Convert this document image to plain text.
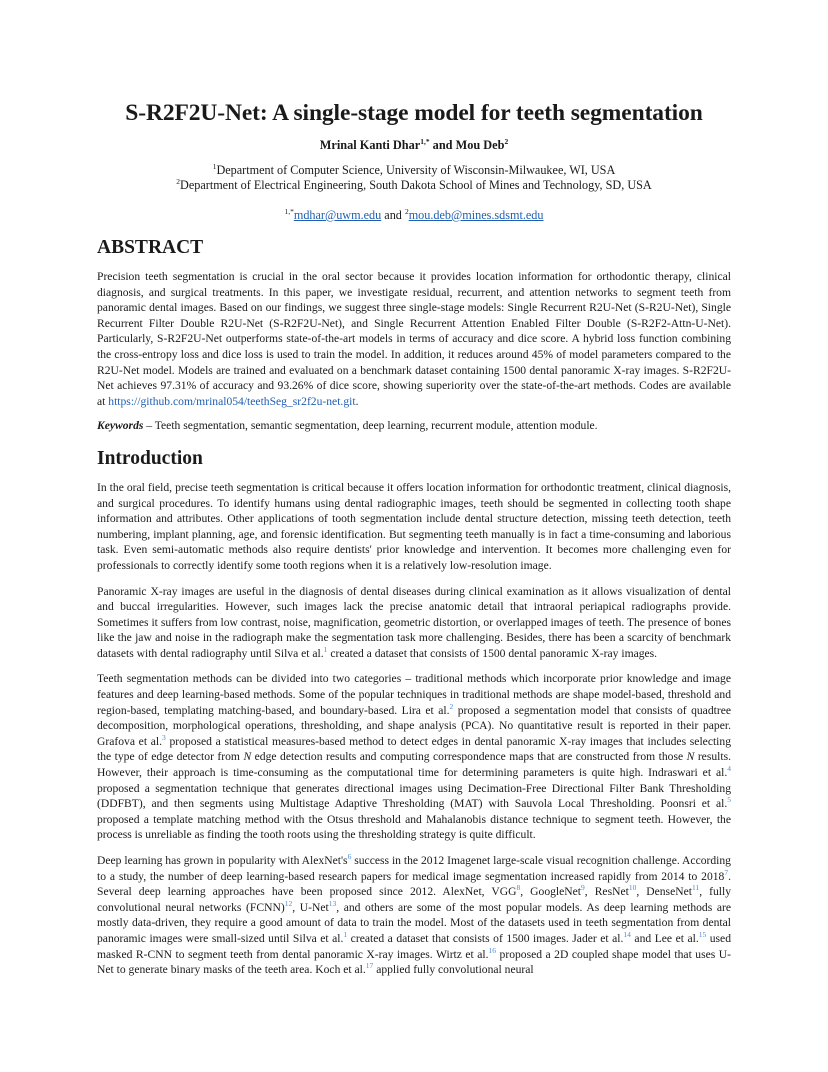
S-R2F2U-Net: A single-stage model for teeth segmentation
Mrinal Kanti Dhar$^{1,*}$ and Mou Deb$^2$
$^1$Department of Computer Science, University of Wisconsin-Milwaukee, WI, USA
$^2$Department of Electrical Engineering, South Dakota School of Mines and Technology, SD, USA
$^{1,*}$mdhar@uwm.edu and $^2$mou.deb@mines.sdsmt.edu
ABSTRACT

Precision teeth segmentation is crucial in the oral sector because it provides location information for orthodontic therapy, clinical diagnosis, and surgical treatments. In this paper, we investigate residual, recurrent, and attention networks to segment teeth from panoramic dental images. Based on our findings, we suggest three single-stage models: Single Recurrent R2U-Net (S-R2U-Net), Single Recurrent Filter Double R2U-Net (S-R2F2U-Net), and Single Recurrent Attention Enabled Filter Double (S-R2F2-Attn-U-Net). Particularly, S-R2F2U-Net outperforms state-of-the-art models in terms of accuracy and dice score. A hybrid loss function combining the cross-entropy loss and dice loss is used to train the model. In addition, it reduces around 45% of model parameters compared to the R2U-Net model. Models are trained and evaluated on a benchmark dataset containing 1500 dental panoramic X-ray images. S-R2F2U-Net achieves 97.31% of accuracy and 93.26% of dice score, showing superiority over the state-of-the-art methods. Codes are available at https://github.com/mrinal054/teethSeg_sr2f2u-net.git.

Keywords – Teeth segmentation, semantic segmentation, deep learning, recurrent module, attention module.

Introduction

In the oral field, precise teeth segmentation is critical because it offers location information for orthodontic treatment, clinical diagnosis, and surgical procedures. To identify humans using dental radiographic images, teeth should be segmented in collecting tooth shape information and attributes. Other applications of tooth segmentation include dental structure detection, missing teeth detection, teeth numbering, implant planning, age, and forensic identification. But segmenting teeth manually is in fact a time-consuming and laborious task. Even semi-automatic methods also require dentists' prior knowledge and intervention. It becomes more challenging even for professionals to correctly identify some tooth regions when it is a relatively low-resolution image.

Panoramic X-ray images are useful in the diagnosis of dental diseases during clinical examination as it allows visualization of dental and buccal irregularities. However, such images lack the precise anatomic detail that intraoral periapical radiographs provide. Sometimes it suffers from low contrast, noise, magnification, geometric distortion, or overlapped images of teeth. The presence of bones like the jaw and noise in the radiograph make the segmentation task more challenging. Besides, there has been a scarcity of benchmark datasets with dental radiography until Silva et al.$^1$ created a dataset that consists of 1500 dental panoramic X-ray images.

Teeth segmentation methods can be divided into two categories – traditional methods which incorporate prior knowledge and image features and deep learning-based methods. Some of the popular techniques in traditional methods are shape model-based, threshold and region-based, templating matching-based, and boundary-based. Lira et al.$^2$ proposed a segmentation model that consists of quadtree decomposition, morphological operations, thresholding, and shape analysis (PCA). No quantitative result is reported in their paper. Grafova et al.$^3$ proposed a statistical measures-based method to detect edges in dental panoramic X-ray images that includes selecting the type of edge detector from N edge detection results and computing correspondence maps that are constructed from those N results. However, their approach is time-consuming as the computational time for determining parameters is quite high. Indraswari et al.$^4$ proposed a segmentation technique that generates directional images using Decimation-Free Directional Filter Bank Thresholding (DDFBT), and then segments using Multistage Adaptive Thresholding (MAT) with Sauvola Local Thresholding. Poonsri et al.$^5$ proposed a template matching method with the Otsus threshold and Mahalanobis distance technique to segment teeth. However, the process is unreliable as finding the tooth roots using the thresholding strategy is quite difficult.

Deep learning has grown in popularity with $AlexNet's^6$ success in the 2012 Imagenet large-scale visual recognition challenge. According to a study, the number of deep learning-based research papers for medical image segmentation increased rapidly from 2014 to 2018$^7$. Several deep learning approaches have been proposed since 2012. AlexNet, VGG$^8$, GoogleNet$^9$, ResNet$^{10}$, DenseNet$^{11}$, fully convolutional neural networks (FCNN)$^{12}$, U-Net$^{13}$, and others are some of the most popular models. As deep learning methods are mostly data-driven, they require a good amount of data to train the model. Most of the datasets used in teeth segmentation from dental panoramic images were small-sized until Silva et al.$^1$ created a dataset that consists of 1500 images. Jader et al.$^{14}$ and Lee et al.$^{15}$ used masked R-CNN to segment teeth from dental panoramic X-ray images. Wirtz et al.$^{16}$ proposed a 2D coupled shape model that uses U-Net to generate binary masks of the teeth area. Koch et al.$^{17}$ applied fully convolutional neural
